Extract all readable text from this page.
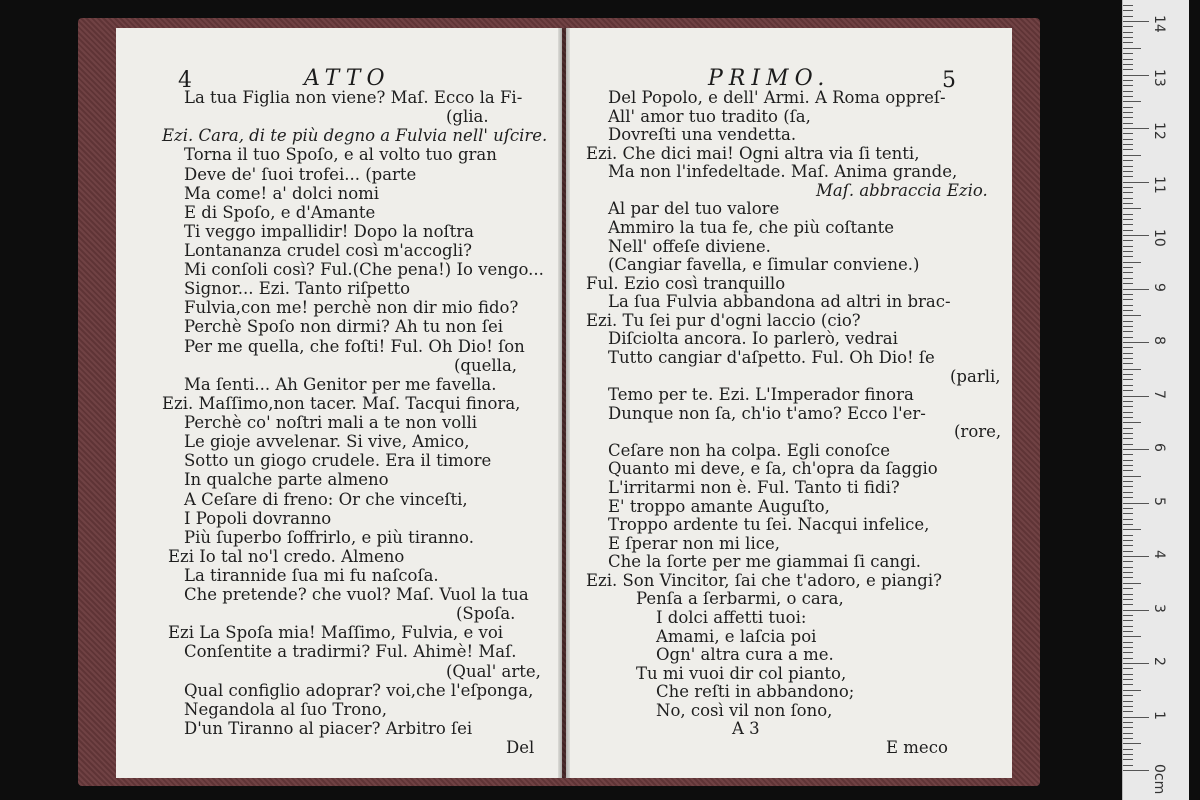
4	ATTO
La tua Figlia non viene? Maſ. Ecco la Fi-
(glia.
Ezi. Cara, di te più degno a Fulvia nell' uſcire.
Torna il tuo Spoſo, e al volto tuo gran
Deve de' ſuoi trofei... (parte
Ma come! a' dolci nomi
E di Spoſo, e d'Amante
Ti veggo impallidir! Dopo la noſtra
Lontananza crudel così m'accogli?
Mi conſoli così? Ful.(Che pena!) Io vengo...
Signor... Ezi. Tanto riſpetto
Fulvia,con me! perchè non dir mio fido?
Perchè Spoſo non dirmi? Ah tu non ſei
Per me quella, che foſti! Ful. Oh Dio! ſon
(quella,
Ma ſenti... Ah Genitor per me favella.
Ezi. Maſſimo,non tacer. Maſ. Tacqui finora,
Perchè co' noſtri mali a te non volli
Le gioje avvelenar. Si vive, Amico,
Sotto un giogo crudele. Era il timore
In qualche parte almeno
A Ceſare di freno: Or che vinceſti,
I Popoli dovranno
Più ſuperbo ſoffrirlo, e più tiranno.
Ezi Io tal no'l credo. Almeno
La tirannide ſua mi fu naſcoſa.
Che pretende? che vuol? Maſ. Vuol la tua
(Spoſa.
Ezi La Spoſa mia! Maſſimo, Fulvia, e voi
Conſentite a tradirmi? Ful. Ahimè! Maſ.
(Qual' arte,
Qual configlio adoprar? voi,che l'eſponga,
Negandola al ſuo Trono,
D'un Tiranno al piacer? Arbitro ſei
Del
PRIMO.	5
Del Popolo, e dell' Armi. A Roma oppreſ-
All' amor tuo tradito (ſa,
Dovreſti una vendetta.
Ezi. Che dici mai! Ogni altra via ſi tenti,
Ma non l'infedeltade. Maſ. Anima grande,
Maſ. abbraccia Ezio.
Al par del tuo valore
Ammiro la tua fe, che più coſtante
Nell' offeſe diviene.
(Cangiar favella, e ſimular conviene.)
Ful. Ezio così tranquillo
La ſua Fulvia abbandona ad altri in brac-
Ezi. Tu ſei pur d'ogni laccio (cio?
Diſciolta ancora. Io parlerò, vedrai
Tutto cangiar d'aſpetto. Ful. Oh Dio! ſe
(parli,
Temo per te. Ezi. L'Imperador finora
Dunque non ſa, ch'io t'amo? Ecco l'er-
(rore,
Ceſare non ha colpa. Egli conoſce
Quanto mi deve, e ſa, ch'opra da ſaggio
L'irritarmi non è. Ful. Tanto ti fidi?
E' troppo amante Auguſto,
Troppo ardente tu ſei. Nacqui infelice,
E ſperar non mi lice,
Che la ſorte per me giammai ſi cangi.
Ezi. Son Vincitor, ſai che t'adoro, e piangi?
Penſa a ſerbarmi, o cara,
I dolci affetti tuoi:
Amami, e laſcia poi
Ogn' altra cura a me.
Tu mi vuoi dir col pianto,
Che reſti in abbandono;
No, così vil non ſono,
A 3
E meco
14
13
12
11
10
9
8
7
6
5
4
3
2
1
0cm
